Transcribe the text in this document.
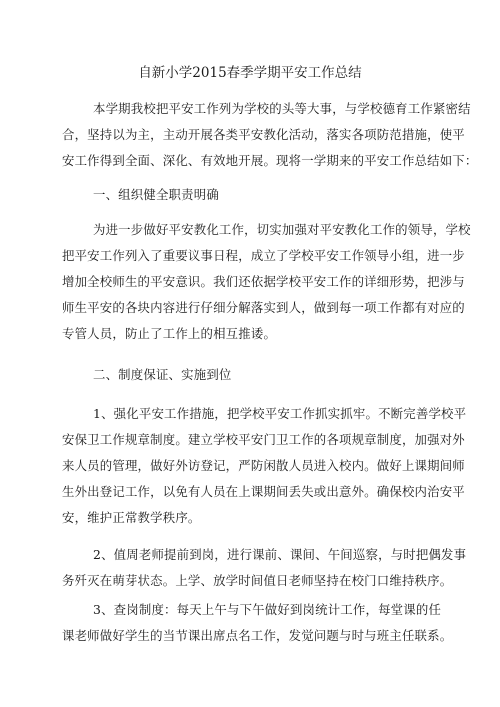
自新小学2015春季学期平安工作总结
本学期我校把平安工作列为学校的头等大事，与学校德育工作紧密结
合，坚持以为主，主动开展各类平安教化活动，落实各项防范措施，使平
安工作得到全面、深化、有效地开展。现将一学期来的平安工作总结如下：
一、组织健全职责明确
为进一步做好平安教化工作，切实加强对平安教化工作的领导，学校
把平安工作列入了重要议事日程，成立了学校平安工作领导小组，进一步
增加全校师生的平安意识。我们还依据学校平安工作的详细形势，把涉与
师生平安的各块内容进行仔细分解落实到人，做到每一项工作都有对应的
专管人员，防止了工作上的相互推诿。
二、制度保证、实施到位
1、强化平安工作措施，把学校平安工作抓实抓牢。不断完善学校平
安保卫工作规章制度。建立学校平安门卫工作的各项规章制度，加强对外
来人员的管理，做好外访登记，严防闲散人员进入校内。做好上课期间师
生外出登记工作，以免有人员在上课期间丢失或出意外。确保校内治安平
安，维护正常教学秩序。
2、值周老师提前到岗，进行课前、课间、午间巡察，与时把偶发事
务歼灭在萌芽状态。上学、放学时间值日老师坚持在校门口维持秩序。
3、查岗制度：每天上午与下午做好到岗统计工作，每堂课的任
课老师做好学生的当节课出席点名工作，发觉问题与时与班主任联系。
